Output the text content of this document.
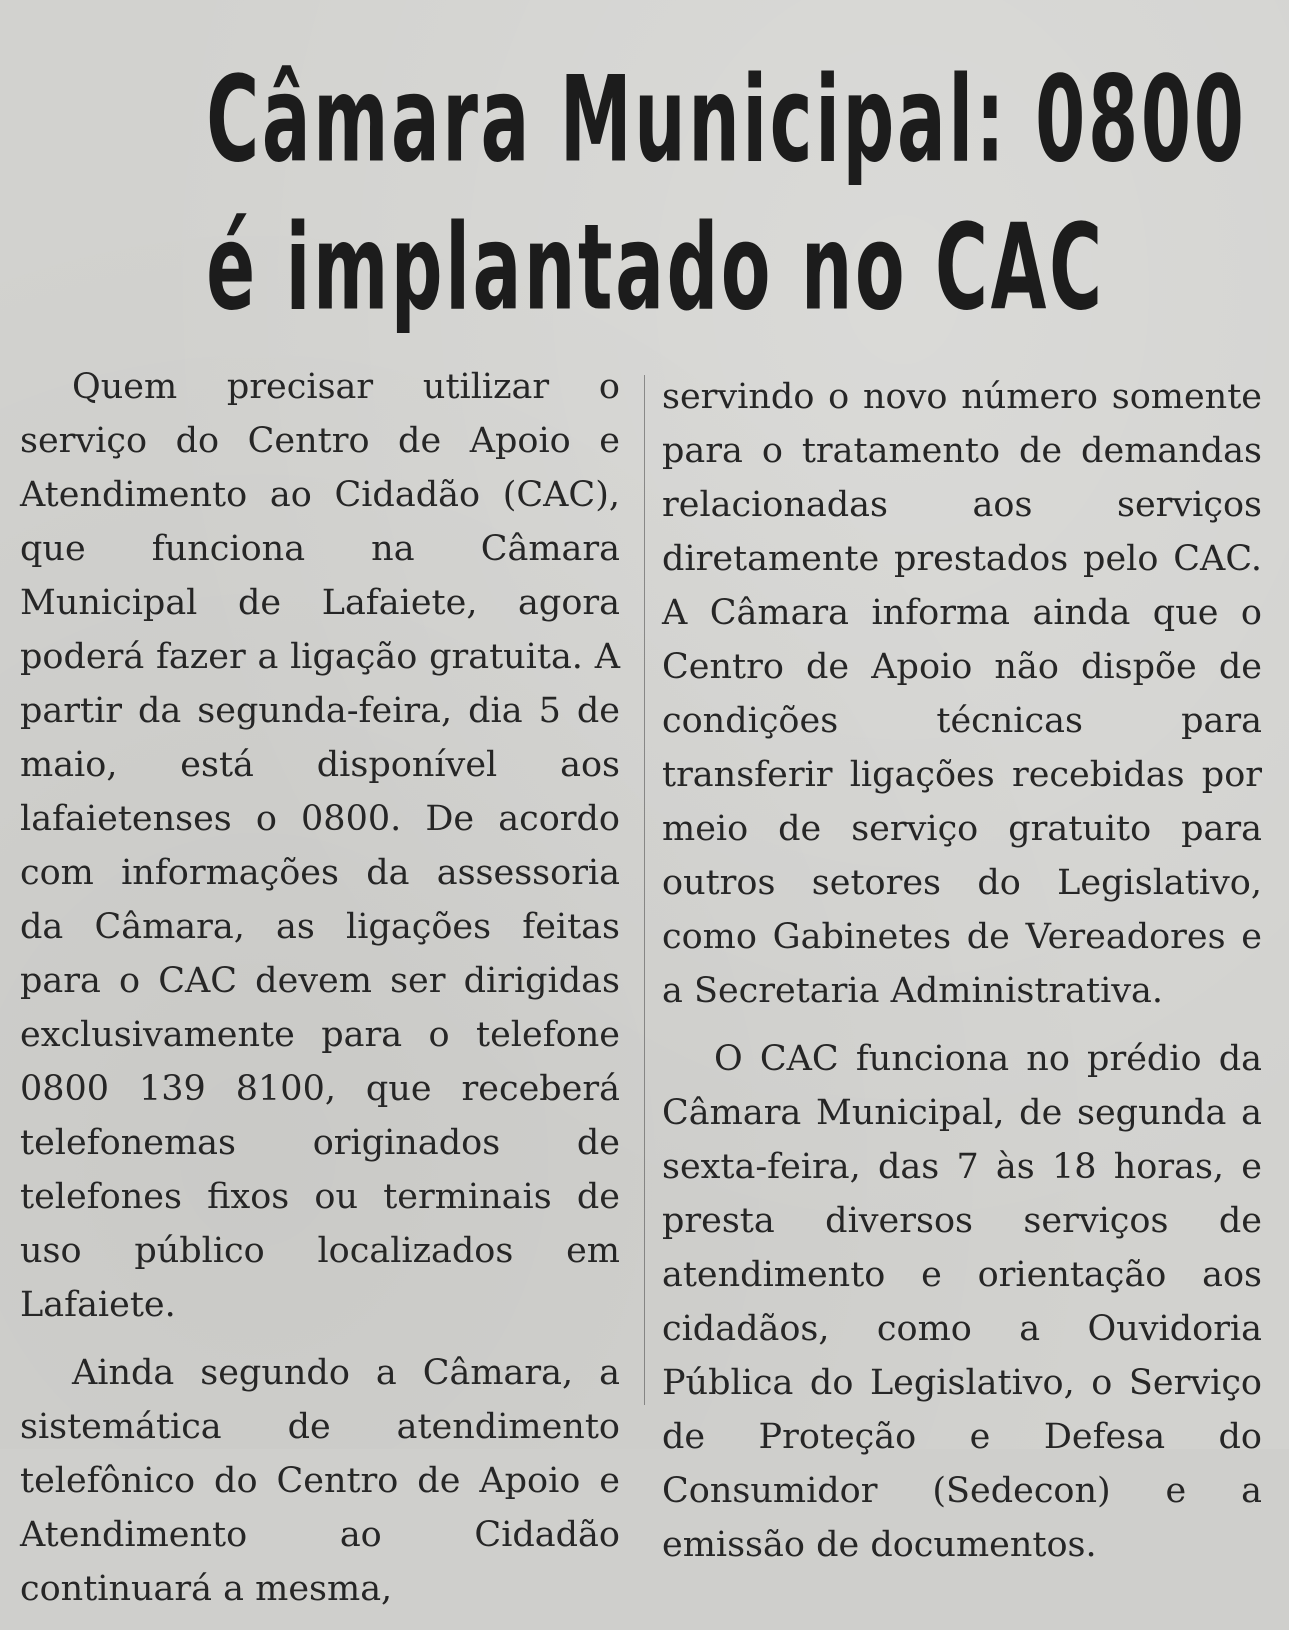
Câmara Municipal: 0800
é implantado no CAC

Quem precisar utilizar o serviço do Centro de Apoio e Atendimento ao Cidadão (CAC), que funciona na Câmara Municipal de Lafaiete, agora poderá fazer a ligação gratuita. A partir da segunda-feira, dia 5 de maio, está disponível aos lafaietenses o 0800. De acordo com informações da assessoria da Câmara, as ligações feitas para o CAC devem ser dirigidas exclusivamente para o telefone 0800 139 8100, que receberá telefonemas originados de telefones fixos ou terminais de uso público localizados em Lafaiete.

Ainda segundo a Câmara, a sistemática de atendimento telefônico do Centro de Apoio e Atendimento ao Cidadão continuará a mesma,

servindo o novo número somente para o tratamento de demandas relacionadas aos serviços diretamente prestados pelo CAC. A Câmara informa ainda que o Centro de Apoio não dispõe de condições técnicas para transferir ligações recebidas por meio de serviço gratuito para outros setores do Legislativo, como Gabinetes de Vereadores e a Secretaria Administrativa.

O CAC funciona no prédio da Câmara Municipal, de segunda a sexta-feira, das 7 às 18 horas, e presta diversos serviços de atendimento e orientação aos cidadãos, como a Ouvidoria Pública do Legislativo, o Serviço de Proteção e Defesa do Consumidor (Sedecon) e a emissão de documentos.
